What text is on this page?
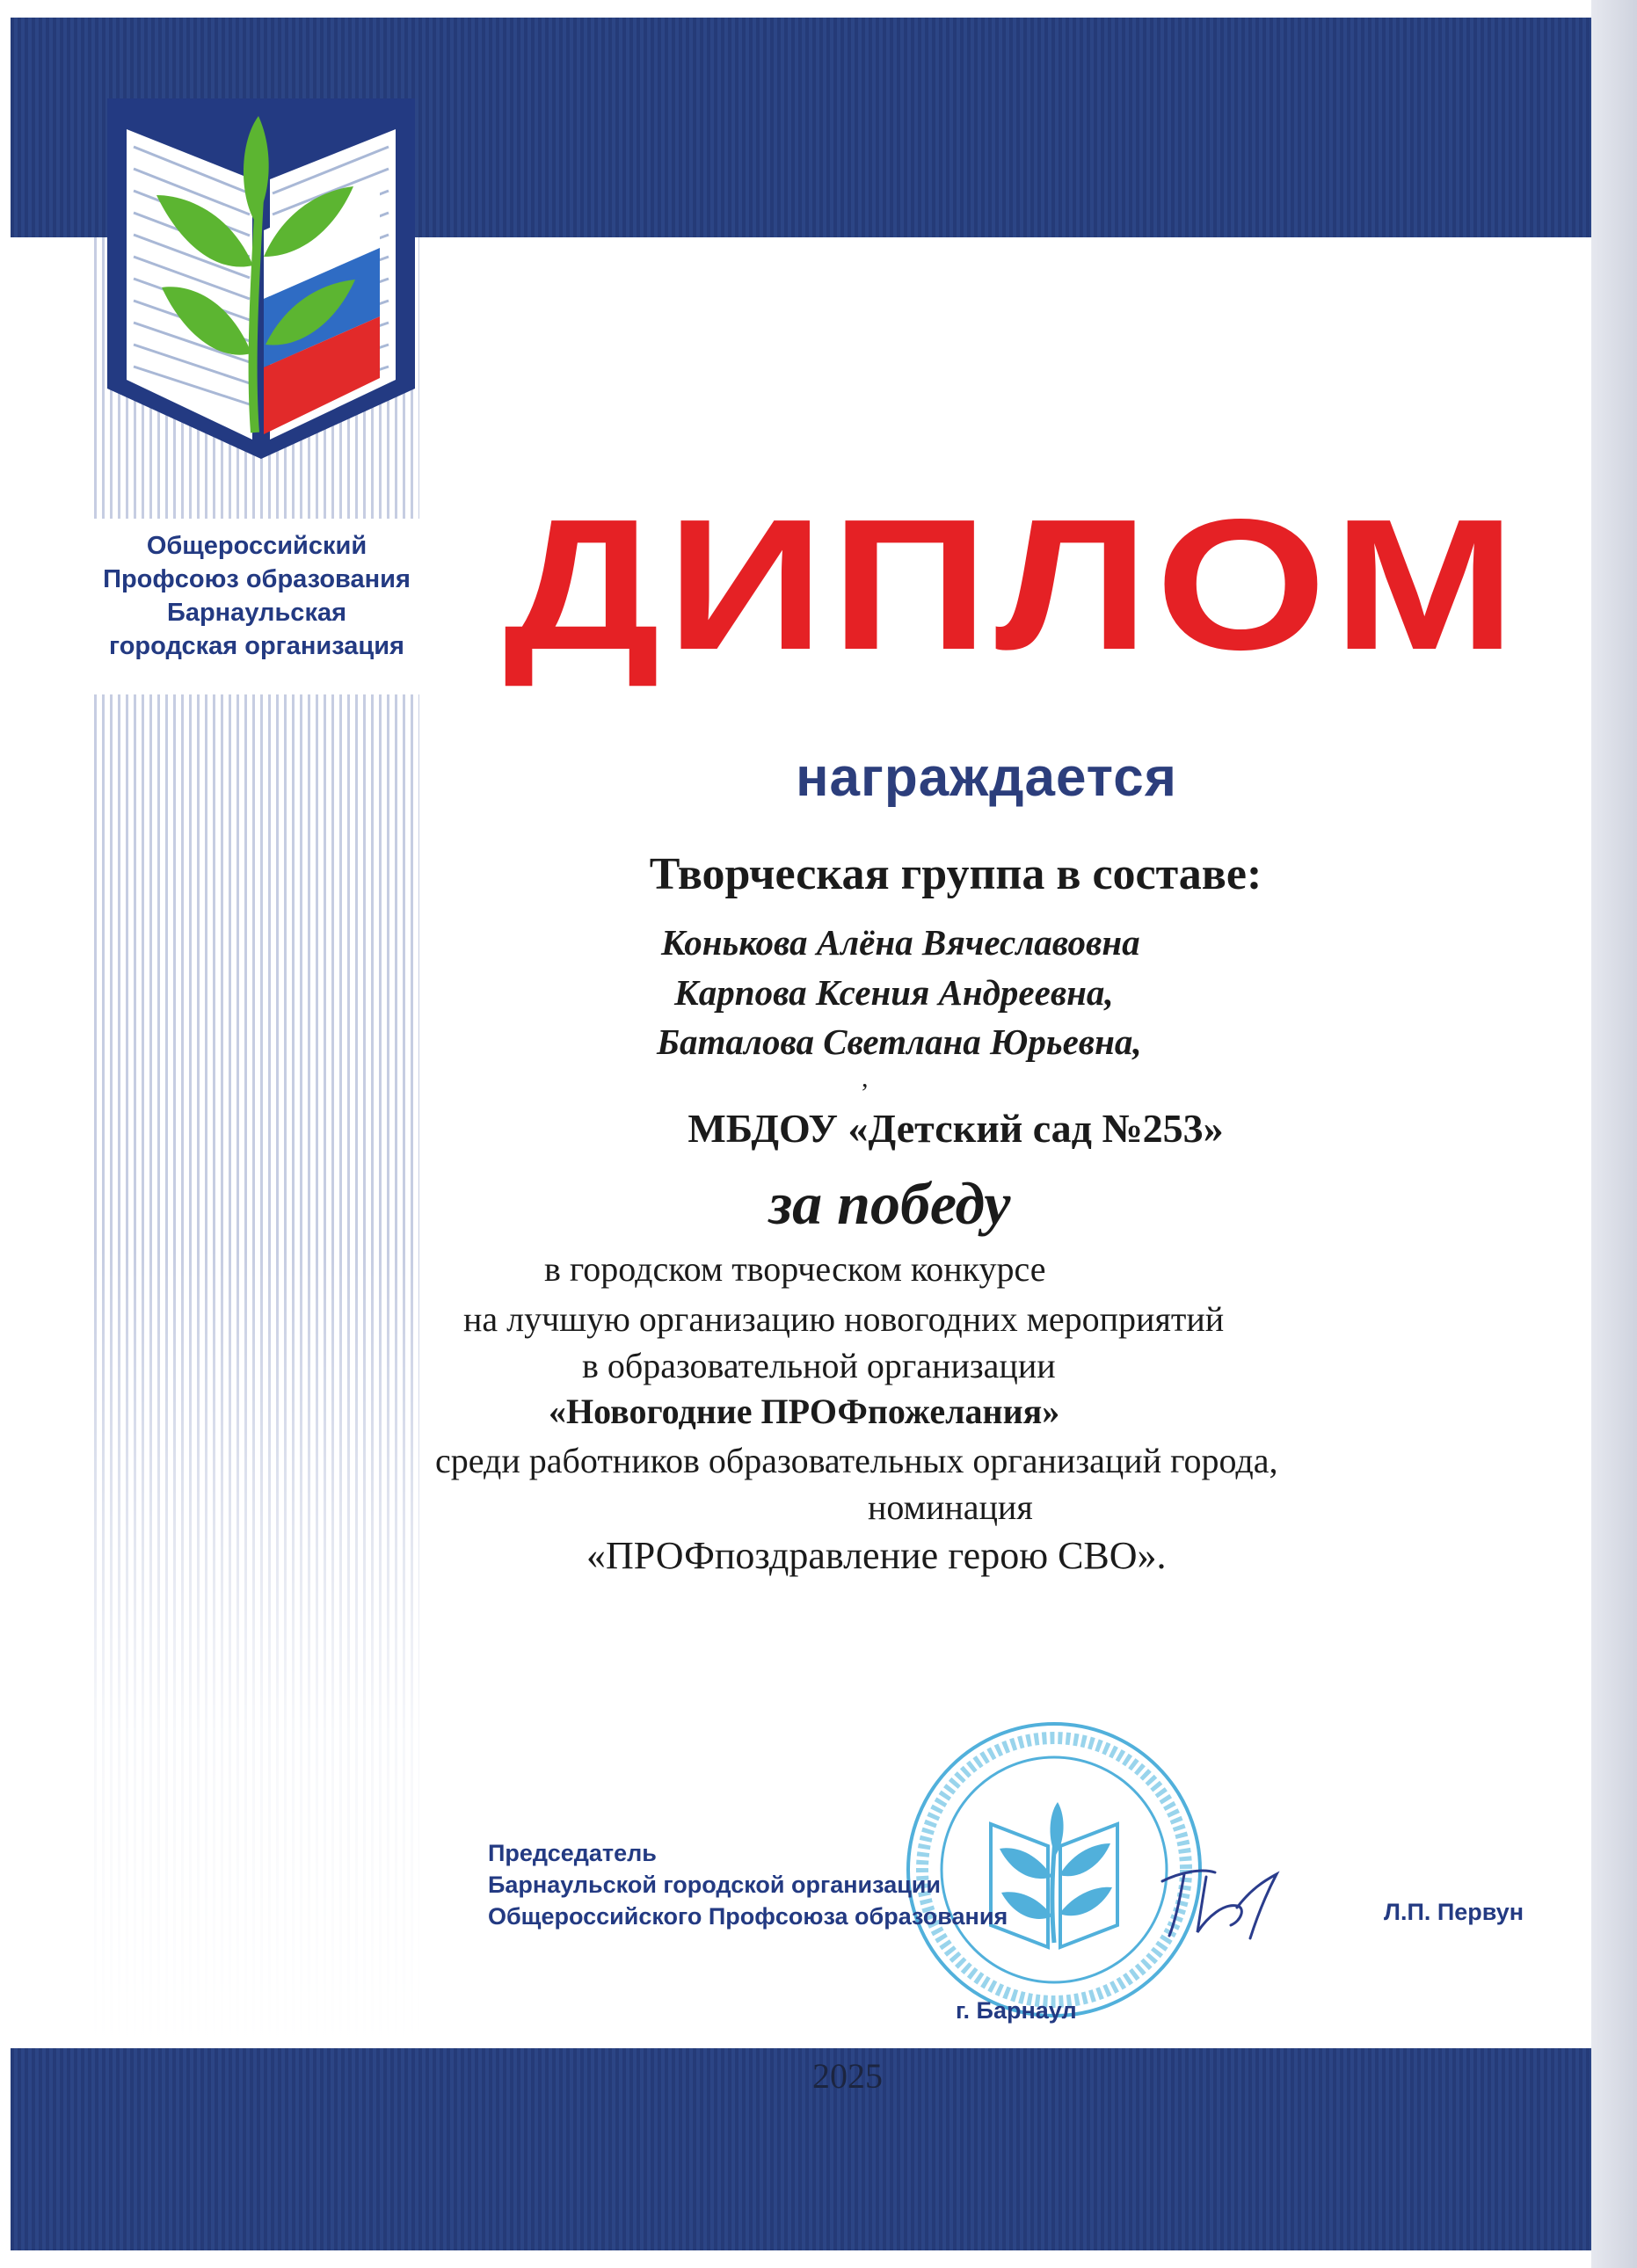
Общероссийский
Профсоюз образования
Барнаульская
городская организация ДИПЛОМ
награждается
Творческая группа в составе:
Конькова Алёна Вячеславовна
Карпова Ксения Андреевна,
Баталова Светлана Юрьевна,
,
МБДОУ «Детский сад №253»
за победу
в городском творческом конкурсе
на лучшую организацию новогодних мероприятий
в образовательной организации
«Новогодние ПРОФпожелания»
среди работников образовательных организаций города,
номинация
«ПРОФпоздравление герою СВО».
Председатель
Барнаульской городской организации
Общероссийского Профсоюза образования	Л.П. Первун
г. Барнаул
2025
